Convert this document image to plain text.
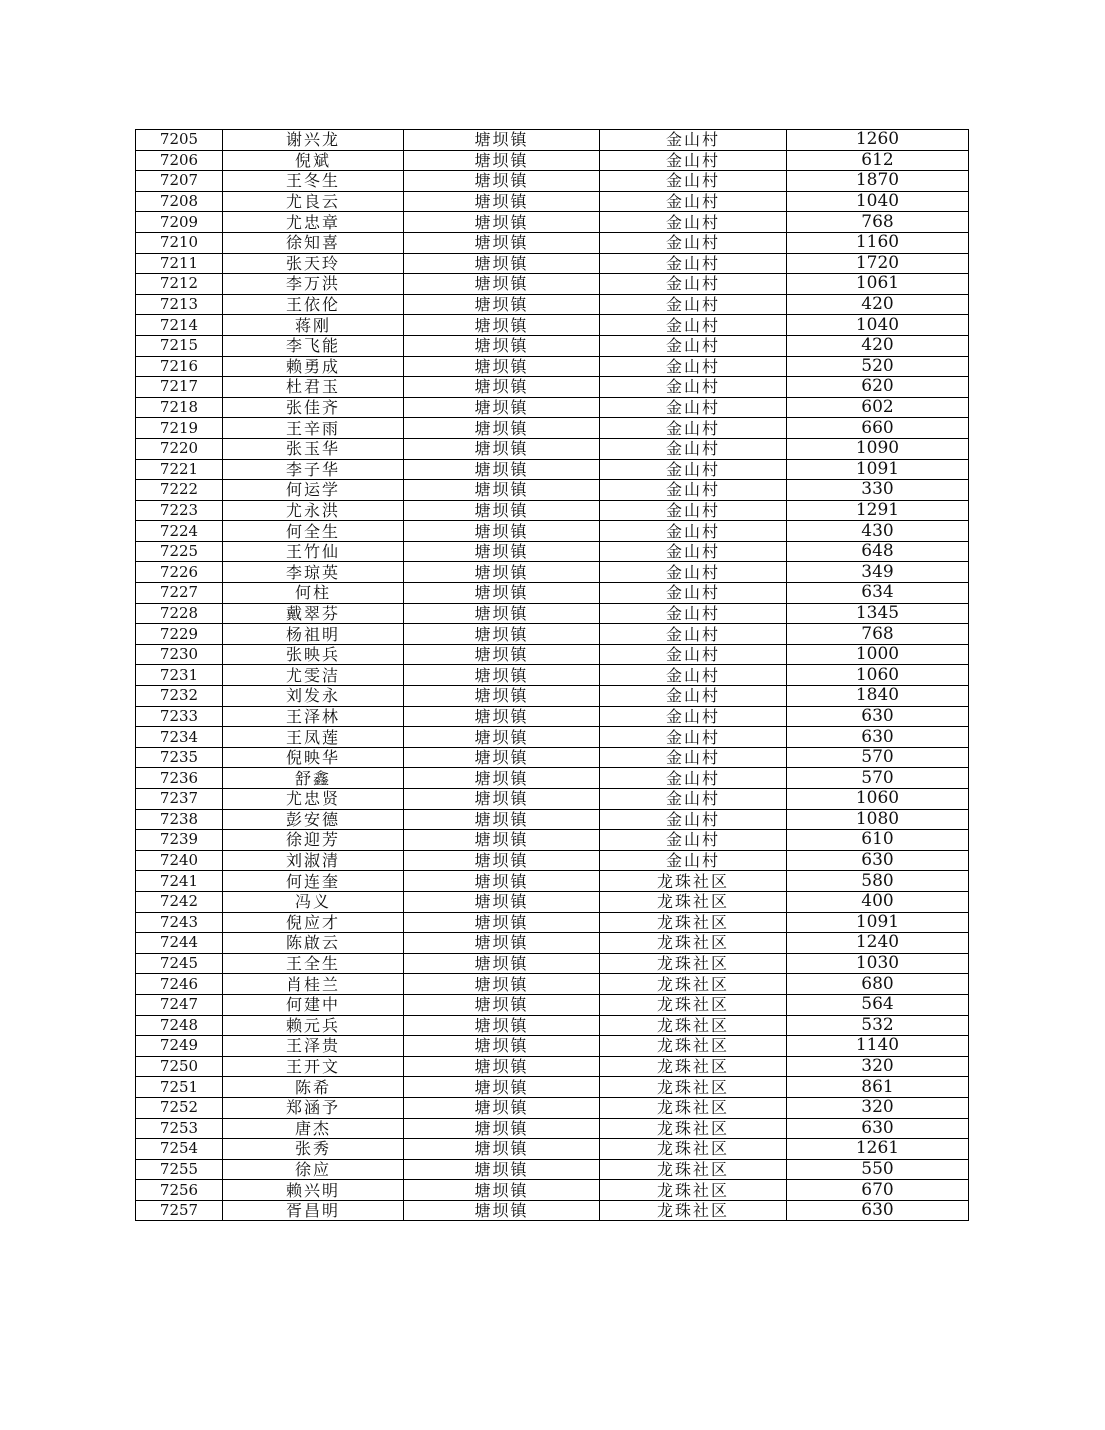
7205	谢兴龙	塘坝镇	金山村	1260
7206	倪斌	塘坝镇	金山村	612
7207	王冬生	塘坝镇	金山村	1870
7208	尤良云	塘坝镇	金山村	1040
7209	尤忠章	塘坝镇	金山村	768
7210	徐知喜	塘坝镇	金山村	1160
7211	张天玲	塘坝镇	金山村	1720
7212	李万洪	塘坝镇	金山村	1061
7213	王依伦	塘坝镇	金山村	420
7214	蒋刚	塘坝镇	金山村	1040
7215	李飞能	塘坝镇	金山村	420
7216	赖勇成	塘坝镇	金山村	520
7217	杜君玉	塘坝镇	金山村	620
7218	张佳齐	塘坝镇	金山村	602
7219	王辛雨	塘坝镇	金山村	660
7220	张玉华	塘坝镇	金山村	1090
7221	李子华	塘坝镇	金山村	1091
7222	何运学	塘坝镇	金山村	330
7223	尤永洪	塘坝镇	金山村	1291
7224	何全生	塘坝镇	金山村	430
7225	王竹仙	塘坝镇	金山村	648
7226	李琼英	塘坝镇	金山村	349
7227	何柱	塘坝镇	金山村	634
7228	戴翠芬	塘坝镇	金山村	1345
7229	杨祖明	塘坝镇	金山村	768
7230	张映兵	塘坝镇	金山村	1000
7231	尤雯洁	塘坝镇	金山村	1060
7232	刘发永	塘坝镇	金山村	1840
7233	王泽林	塘坝镇	金山村	630
7234	王凤莲	塘坝镇	金山村	630
7235	倪映华	塘坝镇	金山村	570
7236	舒鑫	塘坝镇	金山村	570
7237	尤忠贤	塘坝镇	金山村	1060
7238	彭安德	塘坝镇	金山村	1080
7239	徐迎芳	塘坝镇	金山村	610
7240	刘淑清	塘坝镇	金山村	630
7241	何连奎	塘坝镇	龙珠社区	580
7242	冯义	塘坝镇	龙珠社区	400
7243	倪应才	塘坝镇	龙珠社区	1091
7244	陈啟云	塘坝镇	龙珠社区	1240
7245	王全生	塘坝镇	龙珠社区	1030
7246	肖桂兰	塘坝镇	龙珠社区	680
7247	何建中	塘坝镇	龙珠社区	564
7248	赖元兵	塘坝镇	龙珠社区	532
7249	王泽贵	塘坝镇	龙珠社区	1140
7250	王开文	塘坝镇	龙珠社区	320
7251	陈希	塘坝镇	龙珠社区	861
7252	郑涵予	塘坝镇	龙珠社区	320
7253	唐杰	塘坝镇	龙珠社区	630
7254	张秀	塘坝镇	龙珠社区	1261
7255	徐应	塘坝镇	龙珠社区	550
7256	赖兴明	塘坝镇	龙珠社区	670
7257	胥昌明	塘坝镇	龙珠社区	630
